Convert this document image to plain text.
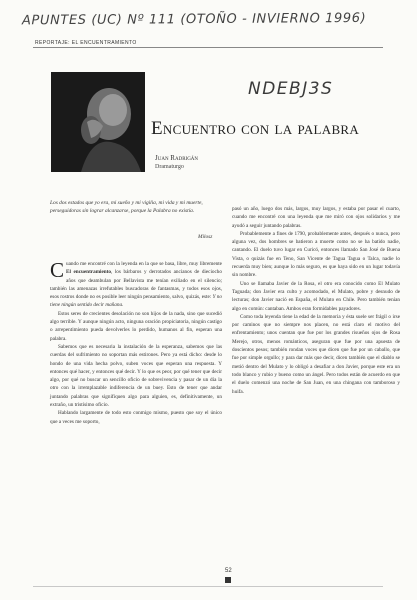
APUNTES (UC) Nº 111 (OTOÑO - INVIERNO 1996)
NDEBJ3S
REPORTAJE: EL ENCUENTRAMIENTO
Encuentro con la palabra
Juan Radrigán
Dramaturgo
Los dos estados que yo era, mi sueño y mi vigilia, mi vida y mi muerte, perseguidoras sin lograr alcanzarse, porque la Palabra no existía.
Milosz

Cuando me encontré con la leyenda en la que se basa, libre, muy libremente El encuentramiento, los bárbaros y derrotados ancianos de dieciocho años que deambulan por Bellavista me tenían exiliado en el silencio; también las amenazas irrefutables buscadoras de fantasmas, y todos esos ojos, esos rostros donde no es posible leer ningún pensamiento, salvo, quizás, este: Y no tiene ningún sentido decir mañana.

Estos seres de crecientes desolación no son hijos de la nada, sino que sucedió algo terrible. Y aunque ningún acto, ninguna oración propiciatoria, ningún castigo o arrepentimiento pueda devolverles lo perdido, humanos al fin, esperan una palabra.

Sabemos que es necesaria la instalación de la esperanza, sabemos que las cuerdas del sufrimiento no soportan más estirones. Pero ya está dicho: desde lo hondo de una vida hecha polvo, suben voces que esperan una respuesta. Y entonces qué hacer, y entonces qué decir. Y lo que es peor, por qué tener que decir algo, por qué no buscar un sencillo oficio de sobrevivencia y pasar de un día la otro con la irremplazable indiferencia de un buey. Esto de tener que andar juntando palabras que signifiquen algo para alguien, es, definitivamente, un extraño, un tristísimo oficio.

Hablando largamente de todo esto conmigo mismo, puesto que soy el único que a veces me soporto,

pasó un año, luego dos más, largos, muy largos, y estaba por pasar el cuarto, cuando me encontré con una leyenda que me miró con ojos solidarios y me ayudó a seguir juntando palabras.

Probablemente a fines de 1790, probablemente antes, después o nunca, pero alguna vez, dos hombres se batieron a muerte como no se ha batido nadie, cantando. El duelo tuvo lugar en Curicó, entonces llamado San José de Buena Vista, o quizás fue en Teno, San Vicente de Tagua Tagua o Talca, nadie lo recuerda muy bien; aunque lo más seguro, es que haya sido en un lugar todavía sin nombre.

Uno se llamaba Javier de la Rosa, el otro era conocido como El Mulato Taguada; don Javier era culto y acomodado, el Mulato, pobre y desnudo de lecturas; don Javier nació en España, el Mulato en Chile. Pero también tenían algo en común: cantaban. Ambos eran formidables payadores.

Como toda leyenda tiene la edad de la memoria y ésta suele ser frágil o irse por caminos que no siempre nos placen, no está claro el motivo del enfrentamiento; unos cuentan que fue por los grandes risueños ojos de Rosa Merejo, otros, menos románticos, aseguran que fue por una apuesta de doscientos pesos; también rondan voces que dicen que fue por un caballo, que fue por simple orgullo; y para dar más que decir, dicen también que el diablo se metió dentro del Mulato y lo obligó a desafiar a don Javier, porque este era un todo blanco y rubio y bueno como un ángel. Pero todos están de acuerdo en que el duelo comenzó una noche de San Juan, en una chingana con tamboroso y huifa.

52
